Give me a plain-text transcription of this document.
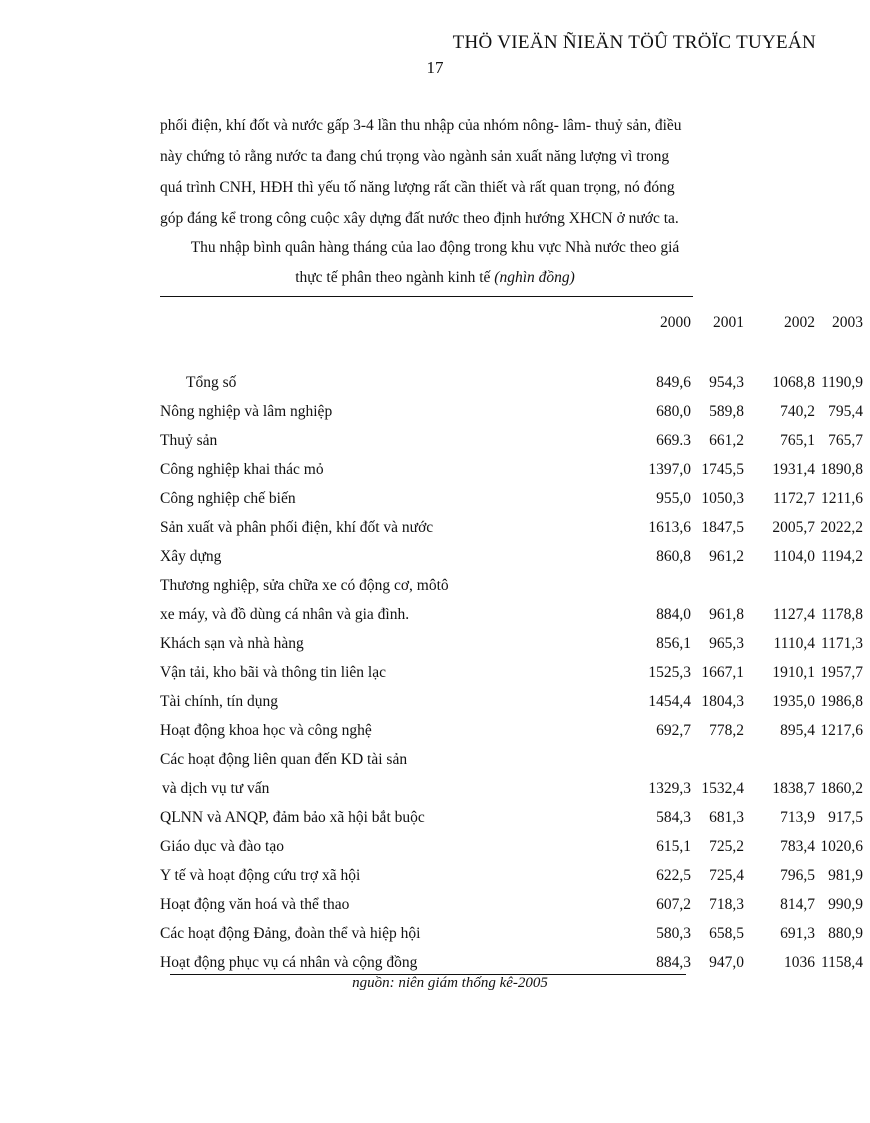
THÖ VIEÄN ÑIEÄN TÖÛ TRÖÏC TUYEÁN
17
phối điện, khí đốt và nước gấp 3-4 lần thu nhập của nhóm nông- lâm- thuỷ sản, điều
này chứng tỏ rằng nước ta đang chú trọng vào ngành sản xuất năng lượng vì trong
quá trình CNH, HĐH thì yếu tố năng lượng rất cần thiết và rất quan trọng, nó đóng
góp đáng kể trong công cuộc xây dựng đất nước theo định hướng XHCN ở nước ta.
Thu nhập bình quân hàng tháng của lao động trong khu vực Nhà nước theo giá
thực tế phân theo ngành kinh tế (nghìn đồng)
2000	2001	2002	2003
Tổng số	849,6	954,3	1068,8 1190,9
Nông nghiệp và lâm nghiệp	680,0	589,8	740,2 795,4
Thuỷ sản	669.3	661,2	765,1 765,7
Công nghiệp khai thác mỏ	1397,0 1745,5	1931,4 1890,8
Công nghiệp chế biến	955,0 1050,3	1172,7 1211,6
Sản xuất và phân phối điện, khí đốt và nước	1613,6 1847,5	2005,7 2022,2
Xây dựng	860,8	961,2	1104,0 1194,2
Thương nghiệp, sửa chữa xe có động cơ, môtô
xe máy, và đồ dùng cá nhân và gia đình.	884,0	961,8	1127,4 1178,8
Khách sạn và nhà hàng	856,1	965,3	1110,4 1171,3
Vận tải, kho bãi và thông tin liên lạc	1525,3 1667,1	1910,1 1957,7
Tài chính, tín dụng	1454,4 1804,3	1935,0 1986,8
Hoạt động khoa học và công nghệ	692,7	778,2	895,4 1217,6
Các hoạt động liên quan đến KD tài sản
và dịch vụ tư vấn	1329,3 1532,4	1838,7 1860,2
QLNN và ANQP, đảm bảo xã hội bắt buộc	584,3	681,3	713,9 917,5
Giáo dục và đào tạo	615,1	725,2	783,4 1020,6
Y tế và hoạt động cứu trợ xã hội	622,5	725,4	796,5 981,9
Hoạt động văn hoá và thể thao	607,2	718,3	814,7 990,9
Các hoạt động Đảng, đoàn thể và hiệp hội	580,3	658,5	691,3 880,9
Hoạt động phục vụ cá nhân và cộng đồng	884,3	947,0	1036 1158,4
nguồn: niên giám thống kê-2005
